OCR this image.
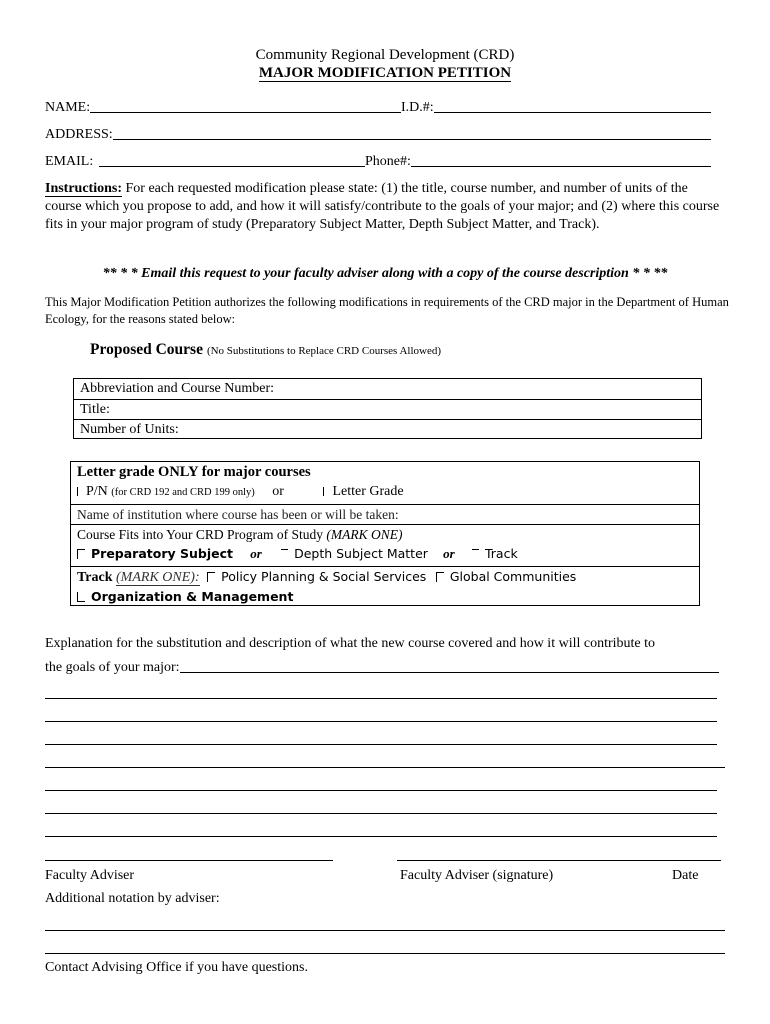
Community Regional Development (CRD)
MAJOR MODIFICATION PETITION
NAME:	I.D.#:
ADDRESS:
EMAIL:	Phone#:
Instructions: For each requested modification please state: (1) the title, course number, and number of units of the course which you propose to add, and how it will satisfy/contribute to the goals of your major; and (2) where this course fits in your major program of study (Preparatory Subject Matter, Depth Subject Matter, and Track).
** * * Email this request to your faculty adviser along with a copy of the course description * * **
This Major Modification Petition authorizes the following modifications in requirements of the CRD major in the Department of Human Ecology, for the reasons stated below:
Proposed Course (No Substitutions to Replace CRD Courses Allowed)
Abbreviation and Course Number:
Title:
Number of Units:
Letter grade ONLY for major courses
P/N (for CRD 192 and CRD 199 only) or	Letter Grade
Name of institution where course has been or will be taken:
Course Fits into Your CRD Program of Study (MARK ONE)
Preparatory Subject or	Depth Subject Matter or Track
Track (MARK ONE): Policy Planning & Social Services Global Communities
Organization & Management
Explanation for the substitution and description of what the new course covered and how it will contribute to
the goals of your major:
Faculty Adviser	Faculty Adviser (signature)	Date
Additional notation by adviser:
Contact Advising Office if you have questions.
